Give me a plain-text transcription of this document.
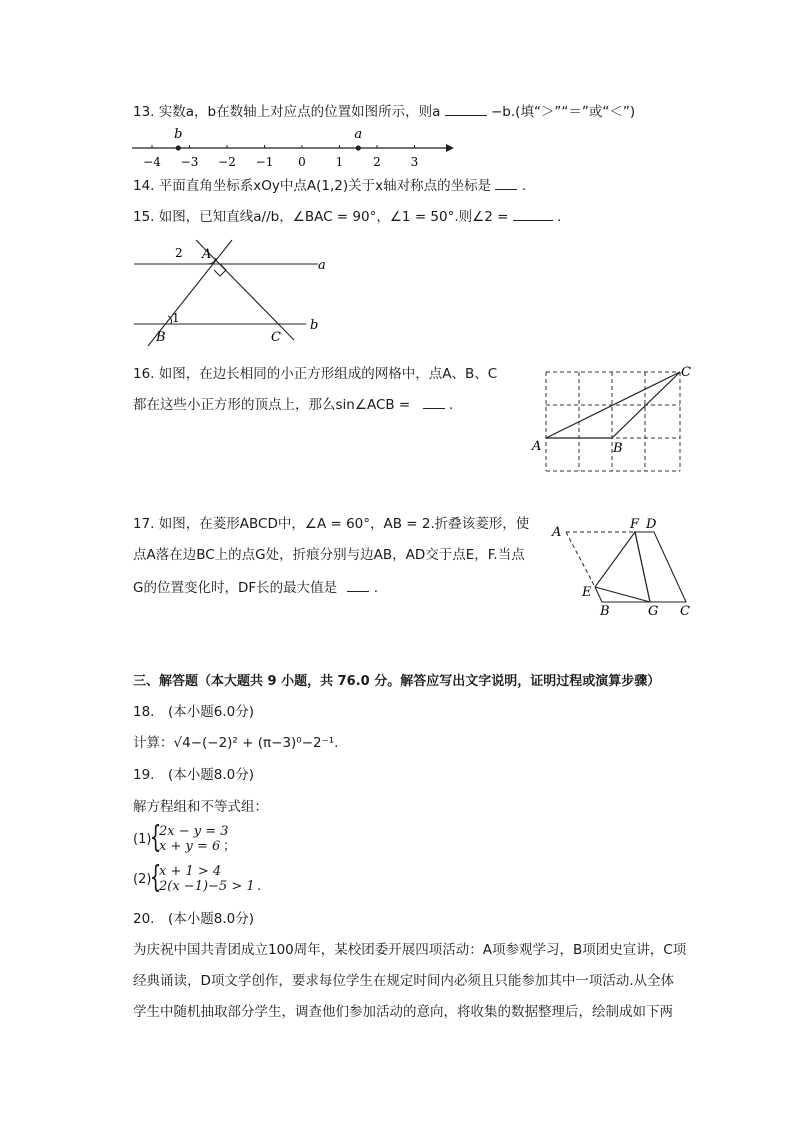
13. 实数a，b在数轴上对应点的位置如图所示，则a	−b.(填“＞”“＝”或“＜”)
−4 −3 −2 −1 0 1 2 3
b	a
14. 平面直角坐标系xOy中点A(1,2)关于x轴对称点的坐标是 .
15. 如图，已知直线a//b，∠BAC = 90°，∠1 = 50°.则∠2 =	.
A
2
1
B	C
a
b
16. 如图，在边长相同的小正方形组成的网格中，点A、B、C
都在这些小正方形的顶点上，那么sin∠ACB =	.
A	B
C
17. 如图，在菱形ABCD中，∠A = 60°，AB = 2.折叠该菱形，使
点A落在边BC上的点G处，折痕分别与边AB，AD交于点E，F.当点
G的位置变化时，DF长的最大值是	.
A
F D
E
B	G C
三、解答题（本大题共 9 小题，共 76.0 分。解答应写出文字说明，证明过程或演算步骤）
18.　(本小题6.0分)
计算：√4−(−2)² + (π−3)⁰−2⁻¹.
19.　(本小题8.0分)
解方程组和不等式组：
(1)
{
2x − y = 3
x + y = 6 ；
(2)
{
x + 1 > 4
2(x −1)−5 > 1 .
20.　(本小题8.0分)
为庆祝中国共青团成立100周年，某校团委开展四项活动：A项参观学习，B项团史宣讲，C项
经典诵读，D项文学创作，要求每位学生在规定时间内必须且只能参加其中一项活动.从全体
学生中随机抽取部分学生，调查他们参加活动的意向，将收集的数据整理后，绘制成如下两
